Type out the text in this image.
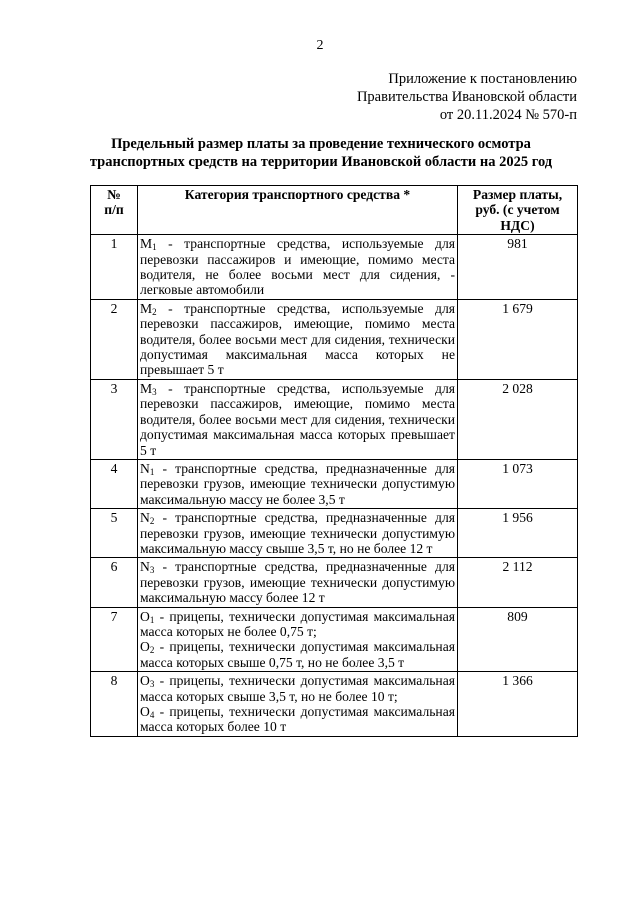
2
Приложение к постановлению
Правительства Ивановской области
от 20.11.2024 № 570-п
Предельный размер платы за проведение технического осмотра
транспортных средств на территории Ивановской области на 2025 год
№
п/п	Категория транспортного средства *	Размер платы,
руб. (с учетом
НДС)

1	$M_1$ - транспортные средства, используемые для перевозки пассажиров и имеющие, помимо места водителя, не более восьми мест для сидения, - легковые автомобили	981
2	$M_2$ - транспортные средства, используемые для перевозки пассажиров, имеющие, помимо места водителя, более восьми мест для сидения, технически допустимая максимальная масса которых не превышает 5 т	1 679
3	$M_3$ - транспортные средства, используемые для перевозки пассажиров, имеющие, помимо места водителя, более восьми мест для сидения, технически допустимая максимальная масса которых превышает 5 т	2 028
4	$N_1$ - транспортные средства, предназначенные для перевозки грузов, имеющие технически допустимую максимальную массу не более 3,5 т	1 073
5	$N_2$ - транспортные средства, предназначенные для перевозки грузов, имеющие технически допустимую максимальную массу свыше 3,5 т, но не более 12 т	1 956
6	$N_3$ - транспортные средства, предназначенные для перевозки грузов, имеющие технически допустимую максимальную массу более 12 т	2 112
7	$O_1$ - прицепы, технически допустимая максимальная масса которых не более 0,75 т;

$O_2$ - прицепы, технически допустимая максимальная масса которых свыше 0,75 т, но не более 3,5 т	809
8	$O_3$ - прицепы, технически допустимая максимальная масса которых свыше 3,5 т, но не более 10 т;

$O_4$ - прицепы, технически допустимая максимальная масса которых более 10 т	1 366
